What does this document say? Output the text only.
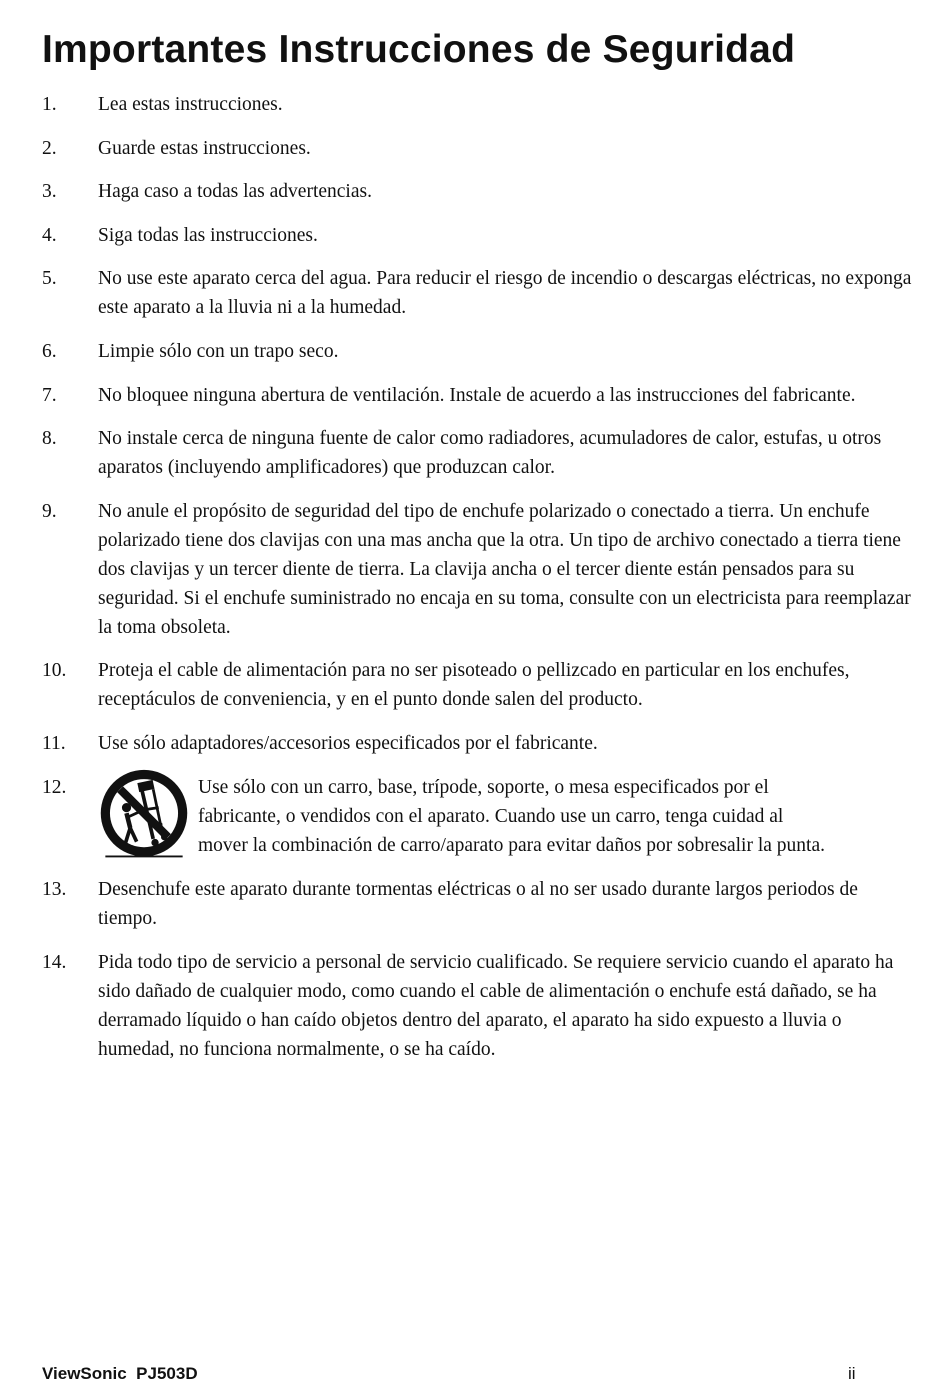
Importantes Instrucciones de Seguridad
1. Lea estas instrucciones.
2. Guarde estas instrucciones.
3. Haga caso a todas las advertencias.
4. Siga todas las instrucciones.
5. No use este aparato cerca del agua. Para reducir el riesgo de incendio o descargas eléctricas, no exponga este aparato a la lluvia ni a la humedad.
6. Limpie sólo con un trapo seco.
7. No bloquee ninguna abertura de ventilación. Instale de acuerdo a las instrucciones del fabricante.
8. No instale cerca de ninguna fuente de calor como radiadores, acumuladores de calor, estufas, u otros aparatos (incluyendo amplificadores) que produzcan calor.
9. No anule el propósito de seguridad del tipo de enchufe polarizado o conectado a tierra. Un enchufe polarizado tiene dos clavijas con una mas ancha que la otra. Un tipo de archivo conectado a tierra tiene dos clavijas y un tercer diente de tierra. La clavija ancha o el tercer diente están pensados para su seguridad. Si el enchufe suministrado no encaja en su toma, consulte con un electricista para reemplazar la toma obsoleta.
10. Proteja el cable de alimentación para no ser pisoteado o pellizcado en particular en los enchufes, receptáculos de conveniencia, y en el punto donde salen del producto.
11. Use sólo adaptadores/accesorios especificados por el fabricante.
12.	Use sólo con un carro, base, trípode, soporte, o mesa especificados por el
fabricante, o vendidos con el aparato. Cuando use un carro, tenga cuidad al
mover la combinación de carro/aparato para evitar daños por sobresalir la punta.
13. Desenchufe este aparato durante tormentas eléctricas o al no ser usado durante largos periodos de tiempo.
14. Pida todo tipo de servicio a personal de servicio cualificado. Se requiere servicio cuando el aparato ha sido dañado de cualquier modo, como cuando el cable de alimentación o enchufe está dañado, se ha derramado líquido o han caído objetos dentro del aparato, el aparato ha sido expuesto a lluvia o humedad, no funciona normalmente, o se ha caído.
ViewSonic  PJ503D	ii
